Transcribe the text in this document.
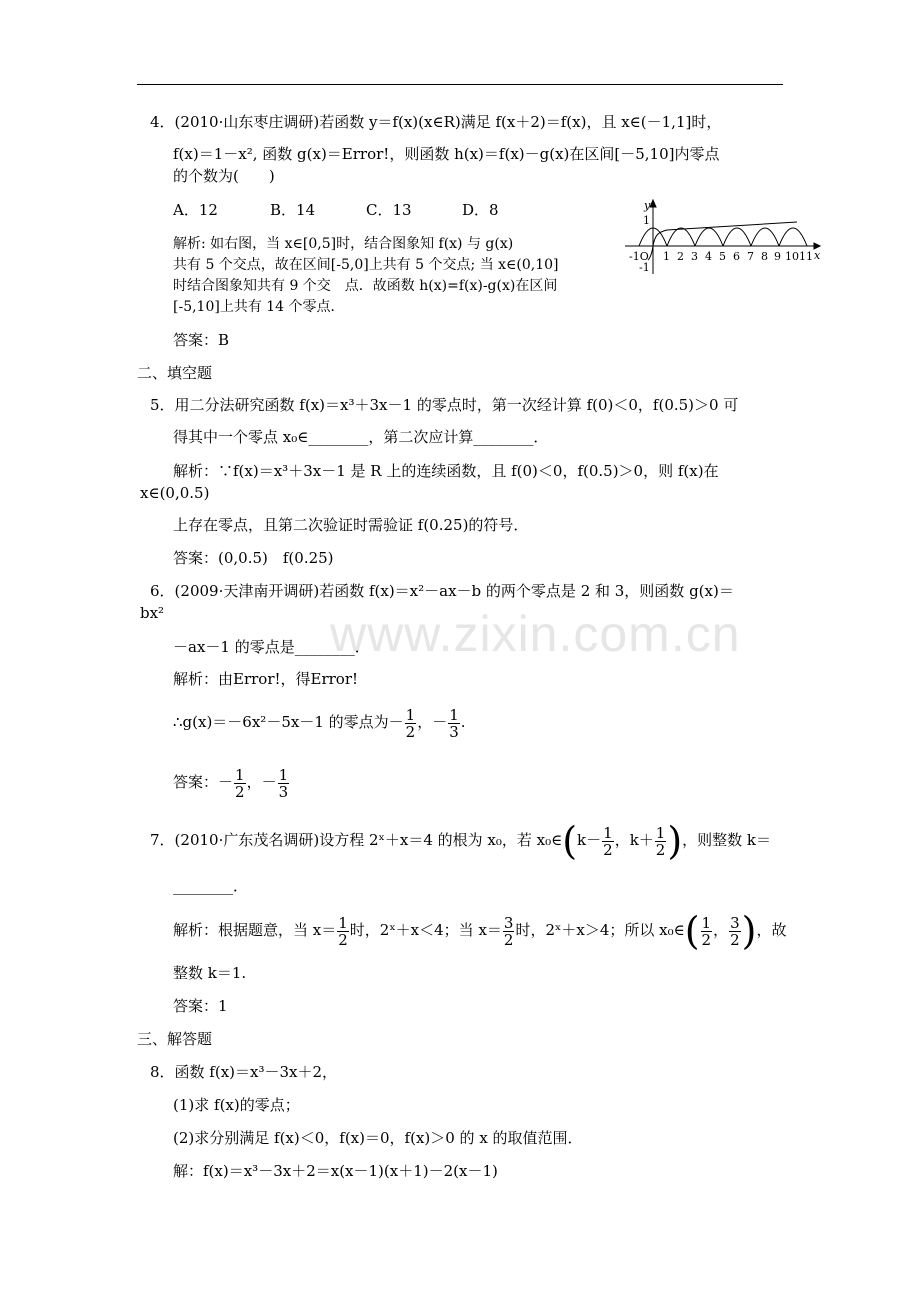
www.zixin.com.cn
4．(2010·山东枣庄调研)若函数 y＝f(x)(x∈R)满足 f(x＋2)＝f(x)，且 x∈(－1,1]时，
f(x)＝1－x², 函数 g(x)＝Error!，则函数 h(x)＝f(x)－g(x)在区间[－5,10]内零点
的个数为(　　)
A．12	B．14	C．13	D．8
解析: 如右图，当 x∈[0,5]时，结合图象知 f(x) 与 g(x)
共有 5 个交点，故在区间[-5,0]上共有 5 个交点; 当 x∈(0,10]
时结合图象知共有 9 个交　点．故函数 h(x)=f(x)-g(x)在区间
[-5,10]上共有 14 个零点．
答案：B
y
1
-1
-1O	x
1 2 3 4 5 6 7 8 9 10 11
二、填空题
5．用二分法研究函数 f(x)＝x³＋3x－1 的零点时，第一次经计算 f(0)＜0，f(0.5)＞0 可
得其中一个零点 x₀∈________，第二次应计算________．
解析：∵f(x)＝x³＋3x－1 是 R 上的连续函数，且 f(0)＜0，f(0.5)＞0，则 f(x)在
x∈(0,0.5)
上存在零点，且第二次验证时需验证 f(0.25)的符号．
答案：(0,0.5)　f(0.25)
6．(2009·天津南开调研)若函数 f(x)＝x²－ax－b 的两个零点是 2 和 3，则函数 g(x)＝
bx²
－ax－1 的零点是________．
解析：由Error!，得Error!
∴g(x)＝－6x²－5x－1 的零点为－ $\frac{1}{2}$ ，－ $\frac{1}{3}$ .
答案：－ $\frac{1}{2}$ ，－ $\frac{1}{3}$
7．(2010·广东茂名调研)设方程 2ˣ＋x＝4 的根为 x₀，若 x₀∈(k－ $\frac{1}{2}$ ，$k+ \frac{1}{2}$ )，则整数 k＝
________．
解析：根据题意，当 $x= \frac{1}{2}$ 时，2ˣ＋x＜4；当 $x= \frac{3}{2}$ 时，2ˣ＋x＞4；所以 x₀∈( $\frac{1}{2}$ ， $\frac{3}{2}$ )，故
整数 k＝1.
答案：1
三、解答题
8．函数 f(x)＝x³－3x＋2，
(1)求 f(x)的零点；
(2)求分别满足 f(x)＜0，f(x)＝0，f(x)＞0 的 x 的取值范围．
解：f(x)＝x³－3x＋2＝x(x－1)(x＋1)－2(x－1)
